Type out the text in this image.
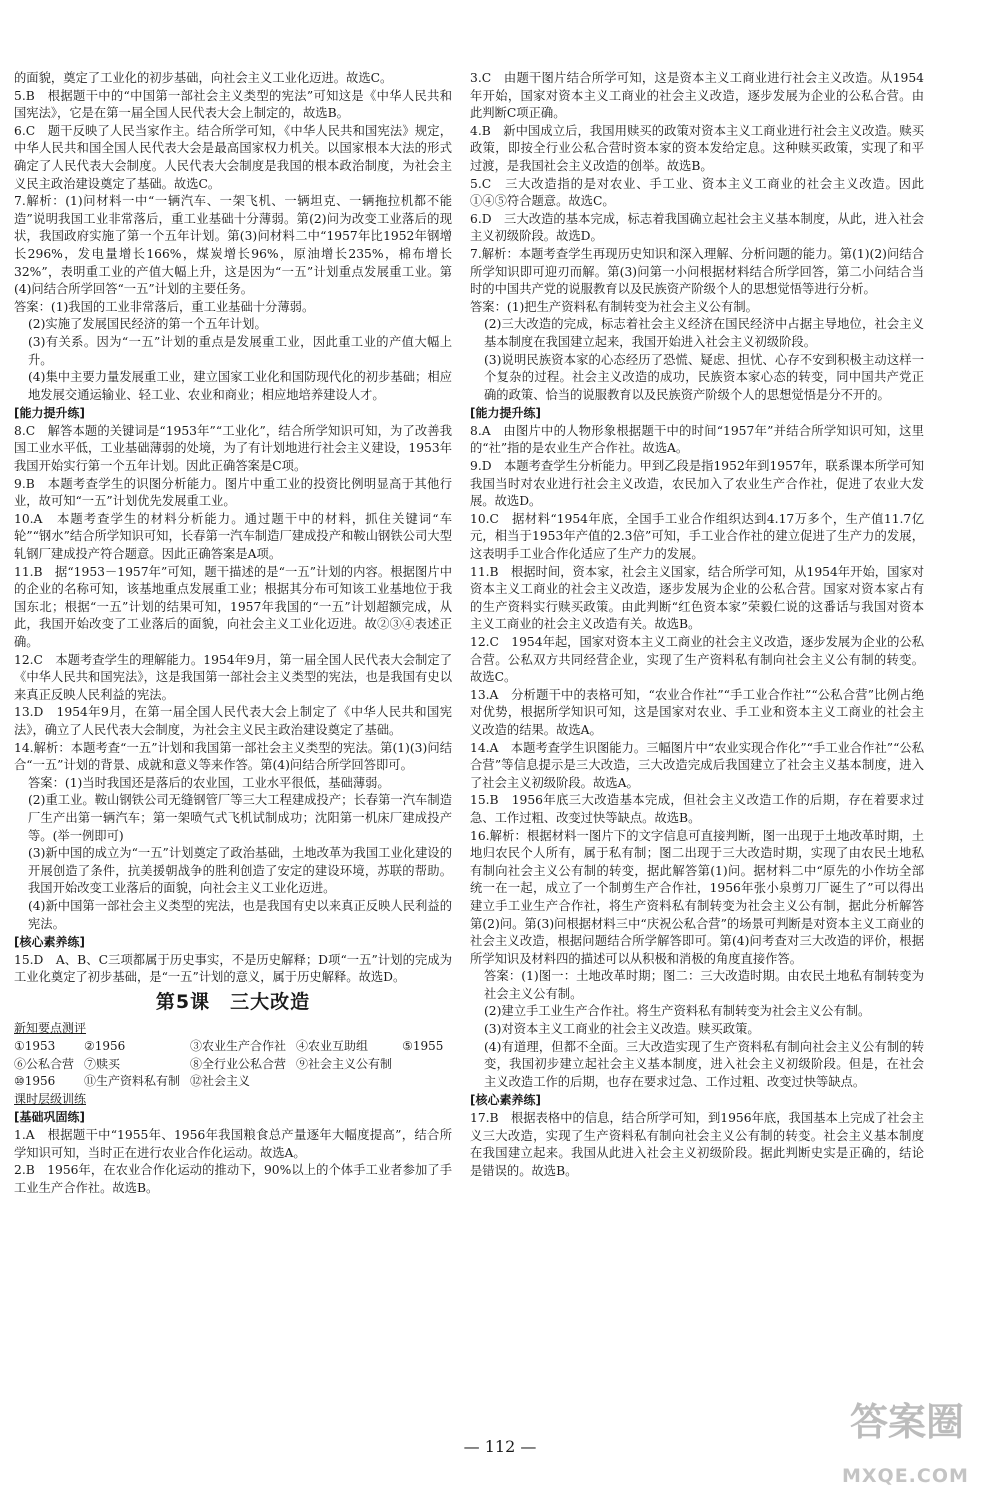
的面貌，奠定了工业化的初步基础，向社会主义工业化迈进。故选C。

5.B　根据题干中的“中国第一部社会主义类型的宪法”可知这是《中华人民共和国宪法》，它是在第一届全国人民代表大会上制定的，故选B。

6.C　题干反映了人民当家作主。结合所学可知，《中华人民共和国宪法》规定，中华人民共和国全国人民代表大会是最高国家权力机关。以国家根本大法的形式确定了人民代表大会制度。人民代表大会制度是我国的根本政治制度，为社会主义民主政治建设奠定了基础。故选C。

7.解析：(1)问材料一中“一辆汽车、一架飞机、一辆坦克、一辆拖拉机都不能造”说明我国工业非常落后，重工业基础十分薄弱。第(2)问为改变工业落后的现状，我国政府实施了第一个五年计划。第(3)问材料二中“1957年比1952年钢增长296%，发电量增长166%，煤炭增长96%，原油增长235%，棉布增长32%”，表明重工业的产值大幅上升，这是因为“一五”计划重点发展重工业。第(4)问结合所学回答“一五”计划的主要任务。

答案：(1)我国的工业非常落后，重工业基础十分薄弱。

(2)实施了发展国民经济的第一个五年计划。

(3)有关系。因为“一五”计划的重点是发展重工业，因此重工业的产值大幅上升。

(4)集中主要力量发展重工业，建立国家工业化和国防现代化的初步基础；相应地发展交通运输业、轻工业、农业和商业；相应地培养建设人才。

[能力提升练]

8.C　解答本题的关键词是“1953年”“工业化”，结合所学知识可知，为了改善我国工业水平低，工业基础薄弱的处境，为了有计划地进行社会主义建设，1953年我国开始实行第一个五年计划。因此正确答案是C项。

9.B　本题考查学生的识图分析能力。图片中重工业的投资比例明显高于其他行业，故可知“一五”计划优先发展重工业。

10.A　本题考查学生的材料分析能力。通过题干中的材料，抓住关键词“车轮”“钢水”结合所学知识可知，长春第一汽车制造厂建成投产和鞍山钢铁公司大型轧钢厂建成投产符合题意。因此正确答案是A项。

11.B　据“1953－1957年”可知，题干描述的是“一五”计划的内容。根据图片中的企业的名称可知，该基地重点发展重工业；根据其分布可知该工业基地位于我国东北；根据“一五”计划的结果可知，1957年我国的“一五”计划超额完成，从此，我国开始改变了工业落后的面貌，向社会主义工业化迈进。故②③④表述正确。

12.C　本题考查学生的理解能力。1954年9月，第一届全国人民代表大会制定了《中华人民共和国宪法》，这是我国第一部社会主义类型的宪法，也是我国有史以来真正反映人民利益的宪法。

13.D　1954年9月，在第一届全国人民代表大会上制定了《中华人民共和国宪法》，确立了人民代表大会制度，为社会主义民主政治建设奠定了基础。

14.解析：本题考查“一五”计划和我国第一部社会主义类型的宪法。第(1)(3)问结合“一五”计划的背景、成就和意义等来作答。第(4)问结合所学回答即可。

答案：(1)当时我国还是落后的农业国，工业水平很低，基础薄弱。

(2)重工业。鞍山钢铁公司无缝钢管厂等三大工程建成投产；长春第一汽车制造厂生产出第一辆汽车；第一架喷气式飞机试制成功；沈阳第一机床厂建成投产等。(举一例即可)

(3)新中国的成立为“一五”计划奠定了政治基础，土地改革为我国工业化建设的开展创造了条件，抗美援朝战争的胜利创造了安定的建设环境，苏联的帮助。我国开始改变工业落后的面貌，向社会主义工业化迈进。

(4)新中国第一部社会主义类型的宪法，也是我国有史以来真正反映人民利益的宪法。

[核心素养练]

15.D　A、B、C三项都属于历史事实，不是历史解释；D项“一五”计划的完成为工业化奠定了初步基础，是“一五”计划的意义，属于历史解释。故选D。

第5课　三大改造

新知要点测评

①1953	②1956	③农业生产合作社 ④农业互助组	⑤1955
⑥公私合营 ⑦赎买	⑧全行业公私合营 ⑨社会主义公有制
⑩1956	⑪生产资料私有制 ⑫社会主义

课时层级训练

[基础巩固练]

1.A　根据题干中“1955年、1956年我国粮食总产量逐年大幅度提高”，结合所学知识可知，当时正在进行农业合作化运动。故选A。

2.B　1956年，在农业合作化运动的推动下，90%以上的个体手工业者参加了手工业生产合作社。故选B。

3.C　由题干图片结合所学可知，这是资本主义工商业进行社会主义改造。从1954年开始，国家对资本主义工商业的社会主义改造，逐步发展为企业的公私合营。由此判断C项正确。

4.B　新中国成立后，我国用赎买的政策对资本主义工商业进行社会主义改造。赎买政策，即按全行业公私合营时资本家的资本发给定息。这种赎买政策，实现了和平过渡，是我国社会主义改造的创举。故选B。

5.C　三大改造指的是对农业、手工业、资本主义工商业的社会主义改造。因此①④⑤符合题意。故选C。

6.D　三大改造的基本完成，标志着我国确立起社会主义基本制度，从此，进入社会主义初级阶段。故选D。

7.解析：本题考查学生再现历史知识和深入理解、分析问题的能力。第(1)(2)问结合所学知识即可迎刃而解。第(3)问第一小问根据材料结合所学回答，第二小问结合当时的中国共产党的说服教育以及民族资产阶级个人的思想觉悟等进行分析。

答案：(1)把生产资料私有制转变为社会主义公有制。

(2)三大改造的完成，标志着社会主义经济在国民经济中占据主导地位，社会主义基本制度在我国建立起来，我国开始进入社会主义初级阶段。

(3)说明民族资本家的心态经历了恐慌、疑虑、担忧、心存不安到积极主动这样一个复杂的过程。社会主义改造的成功，民族资本家心态的转变，同中国共产党正确的政策、恰当的说服教育以及民族资产阶级个人的思想觉悟是分不开的。

[能力提升练]

8.A　由图片中的人物形象根据题干中的时间“1957年”并结合所学知识可知，这里的“社”指的是农业生产合作社。故选A。

9.D　本题考查学生分析能力。甲到乙段是指1952年到1957年，联系课本所学可知我国当时对农业进行社会主义改造，农民加入了农业生产合作社，促进了农业大发展。故选D。

10.C　据材料“1954年底，全国手工业合作组织达到4.17万多个，生产值11.7亿元，相当于1953年产值的2.3倍”可知，手工业合作社的建立促进了生产力的发展，这表明手工业合作化适应了生产力的发展。

11.B　根据时间，资本家，社会主义国家，结合所学可知，从1954年开始，国家对资本主义工商业的社会主义改造，逐步发展为企业的公私合营。国家对资本家占有的生产资料实行赎买政策。由此判断“红色资本家”荣毅仁说的这番话与我国对资本主义工商业的社会主义改造有关。故选B。

12.C　1954年起，国家对资本主义工商业的社会主义改造，逐步发展为企业的公私合营。公私双方共同经营企业，实现了生产资料私有制向社会主义公有制的转变。故选C。

13.A　分析题干中的表格可知，“农业合作社”“手工业合作社”“公私合营”比例占绝对优势，根据所学知识可知，这是国家对农业、手工业和资本主义工商业的社会主义改造的结果。故选A。

14.A　本题考查学生识图能力。三幅图片中“农业实现合作化”“手工业合作社”“公私合营”等信息提示是三大改造，三大改造完成后我国建立了社会主义基本制度，进入了社会主义初级阶段。故选A。

15.B　1956年底三大改造基本完成，但社会主义改造工作的后期，存在着要求过急、工作过粗、改变过快等缺点。故选B。

16.解析：根据材料一图片下的文字信息可直接判断，图一出现于土地改革时期，土地归农民个人所有，属于私有制；图二出现于三大改造时期，实现了由农民土地私有制向社会主义公有制的转变，据此解答第(1)问。据材料二中“原先的小作坊全部统一在一起，成立了一个制剪生产合作社，1956年张小泉剪刀厂诞生了”可以得出建立手工业生产合作社，将生产资料私有制转变为社会主义公有制，据此分析解答第(2)问。第(3)问根据材料三中“庆祝公私合营”的场景可判断是对资本主义工商业的社会主义改造，根据问题结合所学解答即可。第(4)问考查对三大改造的评价，根据所学知识及材料四的描述可以从积极和消极的角度直接作答。

答案：(1)图一：土地改革时期；图二：三大改造时期。由农民土地私有制转变为社会主义公有制。

(2)建立手工业生产合作社。将生产资料私有制转变为社会主义公有制。

(3)对资本主义工商业的社会主义改造。赎买政策。

(4)有道理，但都不全面。三大改造实现了生产资料私有制向社会主义公有制的转变，我国初步建立起社会主义基本制度，进入社会主义初级阶段。但是，在社会主义改造工作的后期，也存在要求过急、工作过粗、改变过快等缺点。

[核心素养练]

17.B　根据表格中的信息，结合所学可知，到1956年底，我国基本上完成了社会主义三大改造，实现了生产资料私有制向社会主义公有制的转变。社会主义基本制度在我国建立起来。我国从此进入社会主义初级阶段。据此判断史实是正确的，结论是错误的。故选B。

— 112 —
答案圈
MXQE.COM
